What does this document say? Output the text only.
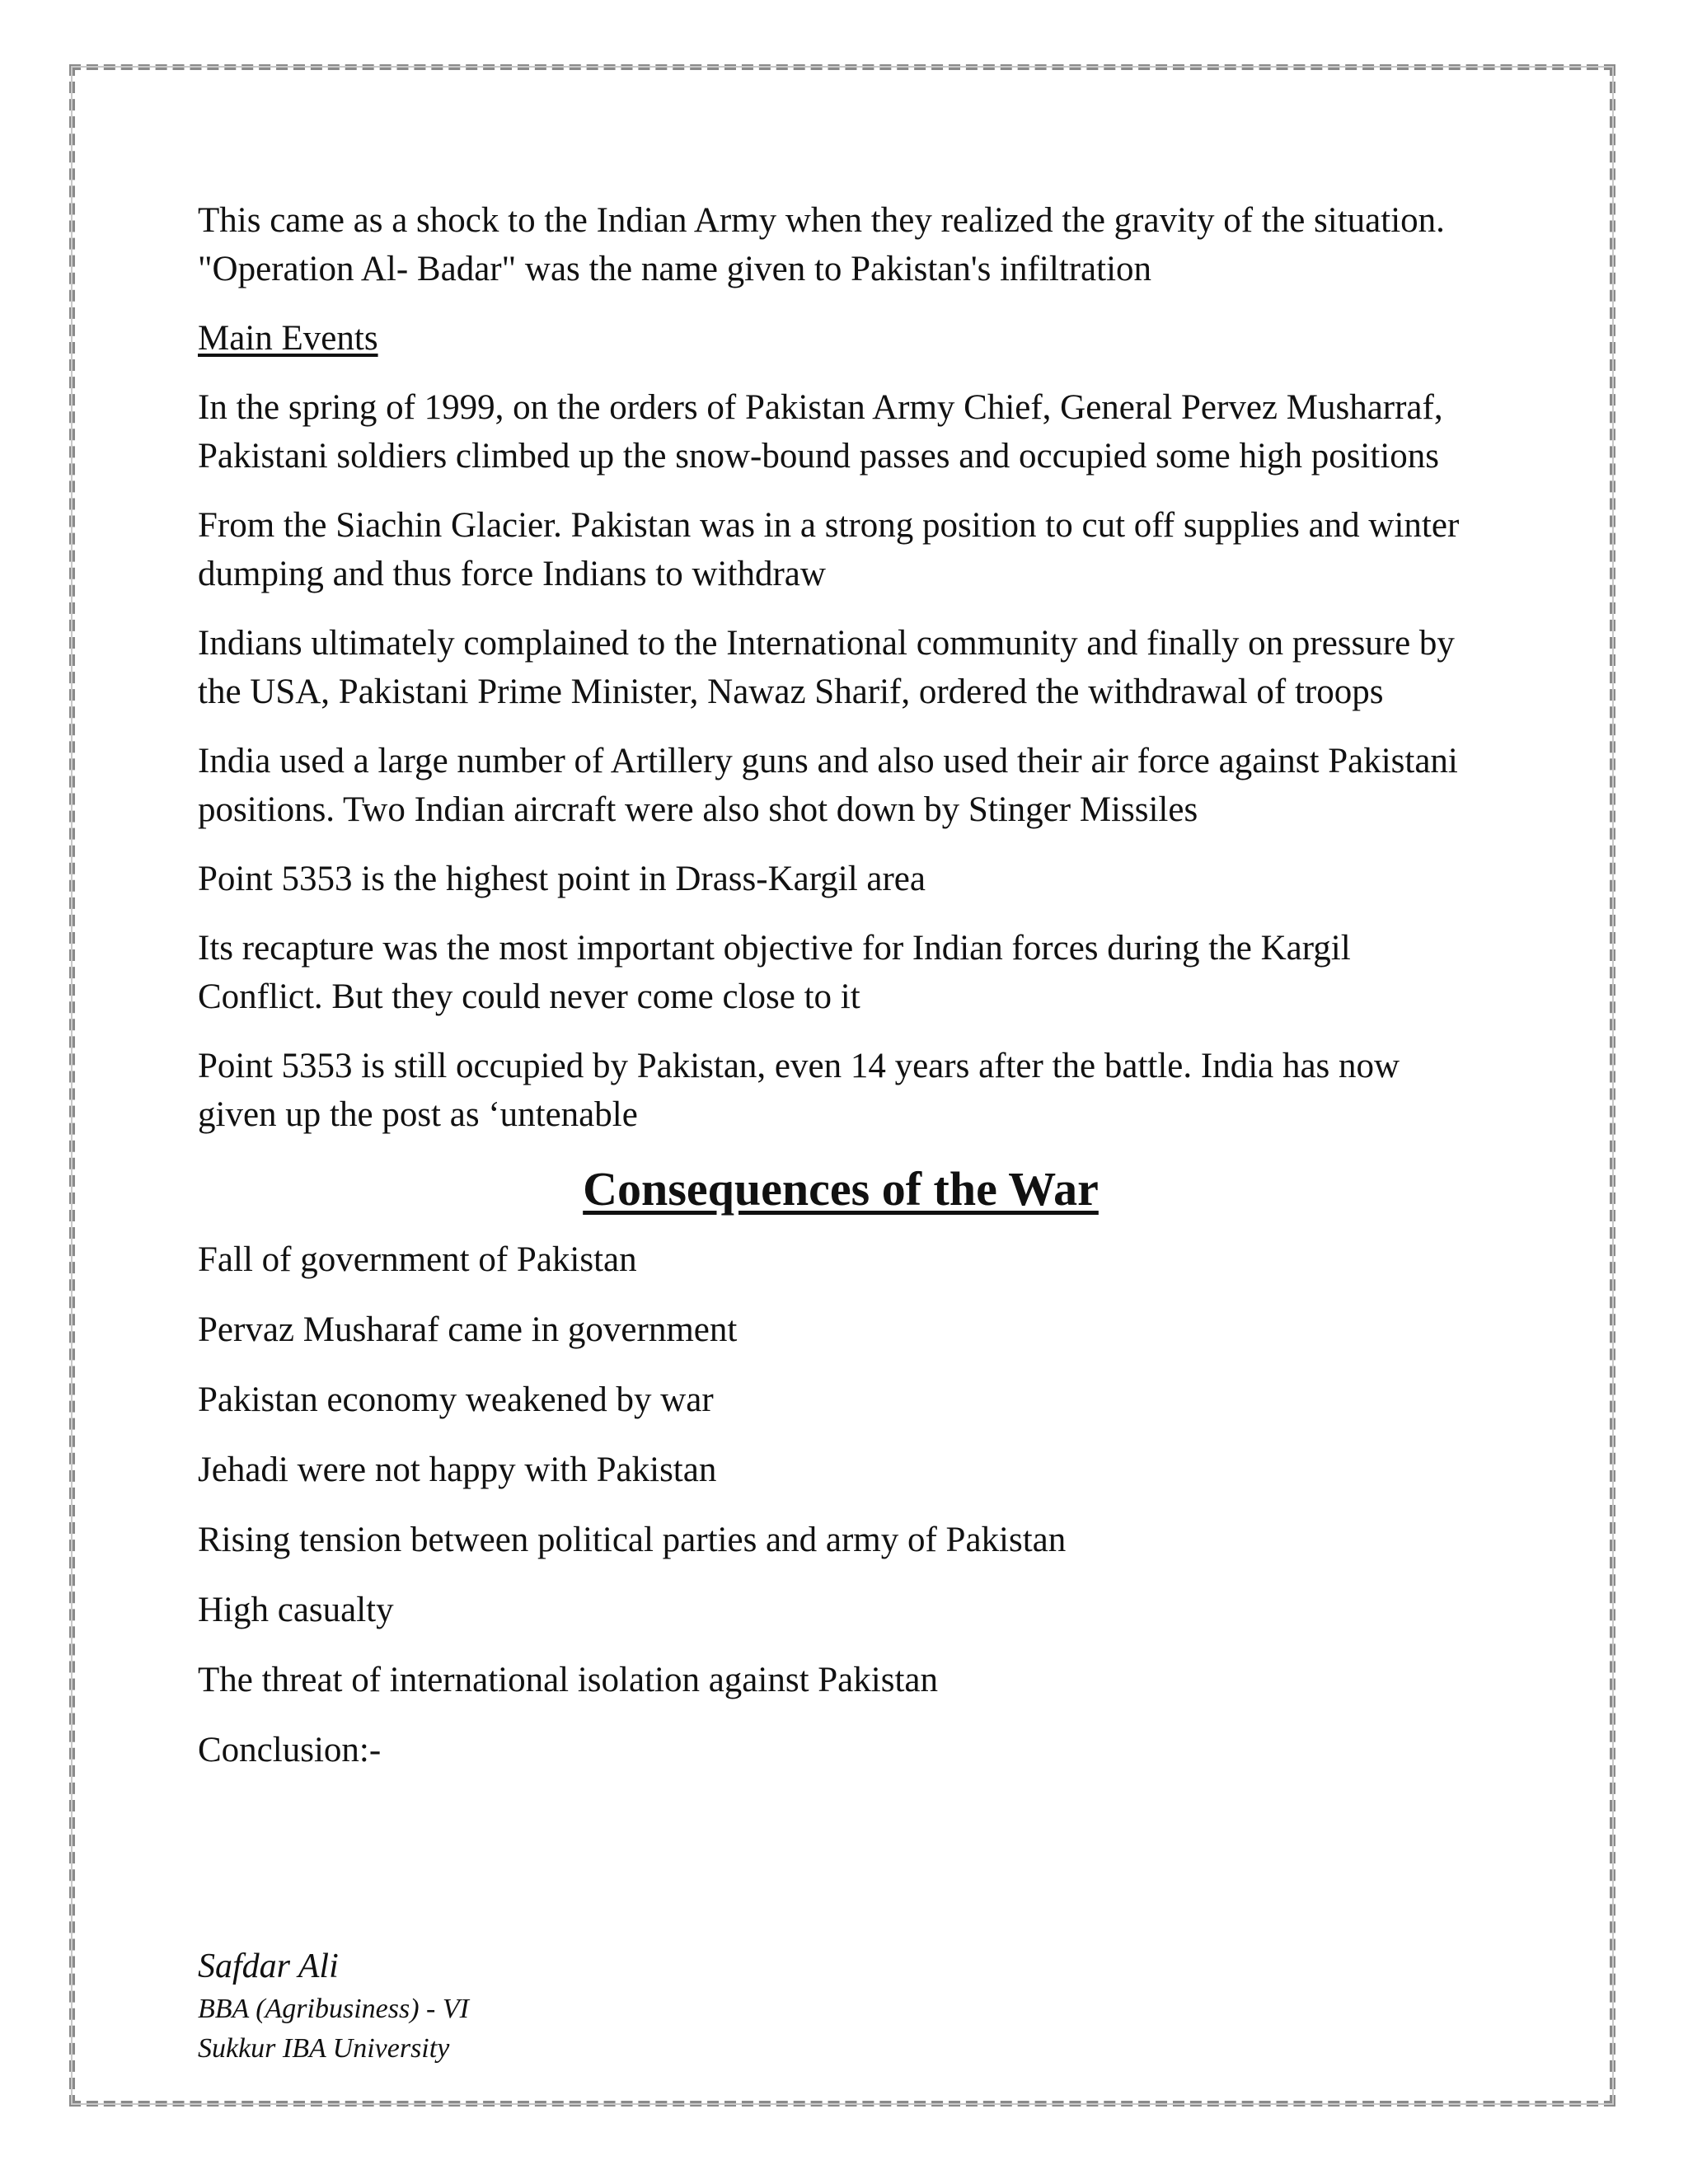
This came as a shock to the Indian Army when they realized the gravity of the situation. "Operation Al- Badar" was the name given to Pakistan's infiltration

Main Events

In the spring of 1999, on the orders of Pakistan Army Chief, General Pervez Musharraf, Pakistani soldiers climbed up the snow-bound passes and occupied some high positions

From the Siachin Glacier. Pakistan was in a strong position to cut off supplies and winter dumping and thus force Indians to withdraw

Indians ultimately complained to the International community and finally on pressure by the USA, Pakistani Prime Minister, Nawaz Sharif, ordered the withdrawal of troops

India used a large number of Artillery guns and also used their air force against Pakistani positions. Two Indian aircraft were also shot down by Stinger Missiles

Point 5353 is the highest point in Drass-Kargil area

Its recapture was the most important objective for Indian forces during the Kargil Conflict. But they could never come close to it

Point 5353 is still occupied by Pakistan, even 14 years after the battle. India has now given up the post as ‘untenable

Consequences of the War

Fall of government of Pakistan

Pervaz Musharaf came in government

Pakistan economy weakened by war

Jehadi were not happy with Pakistan

Rising tension between political parties and army of Pakistan

High casualty

The threat of international isolation against Pakistan

Conclusion:-

Safdar Ali
BBA (Agribusiness) - VI
Sukkur IBA University
